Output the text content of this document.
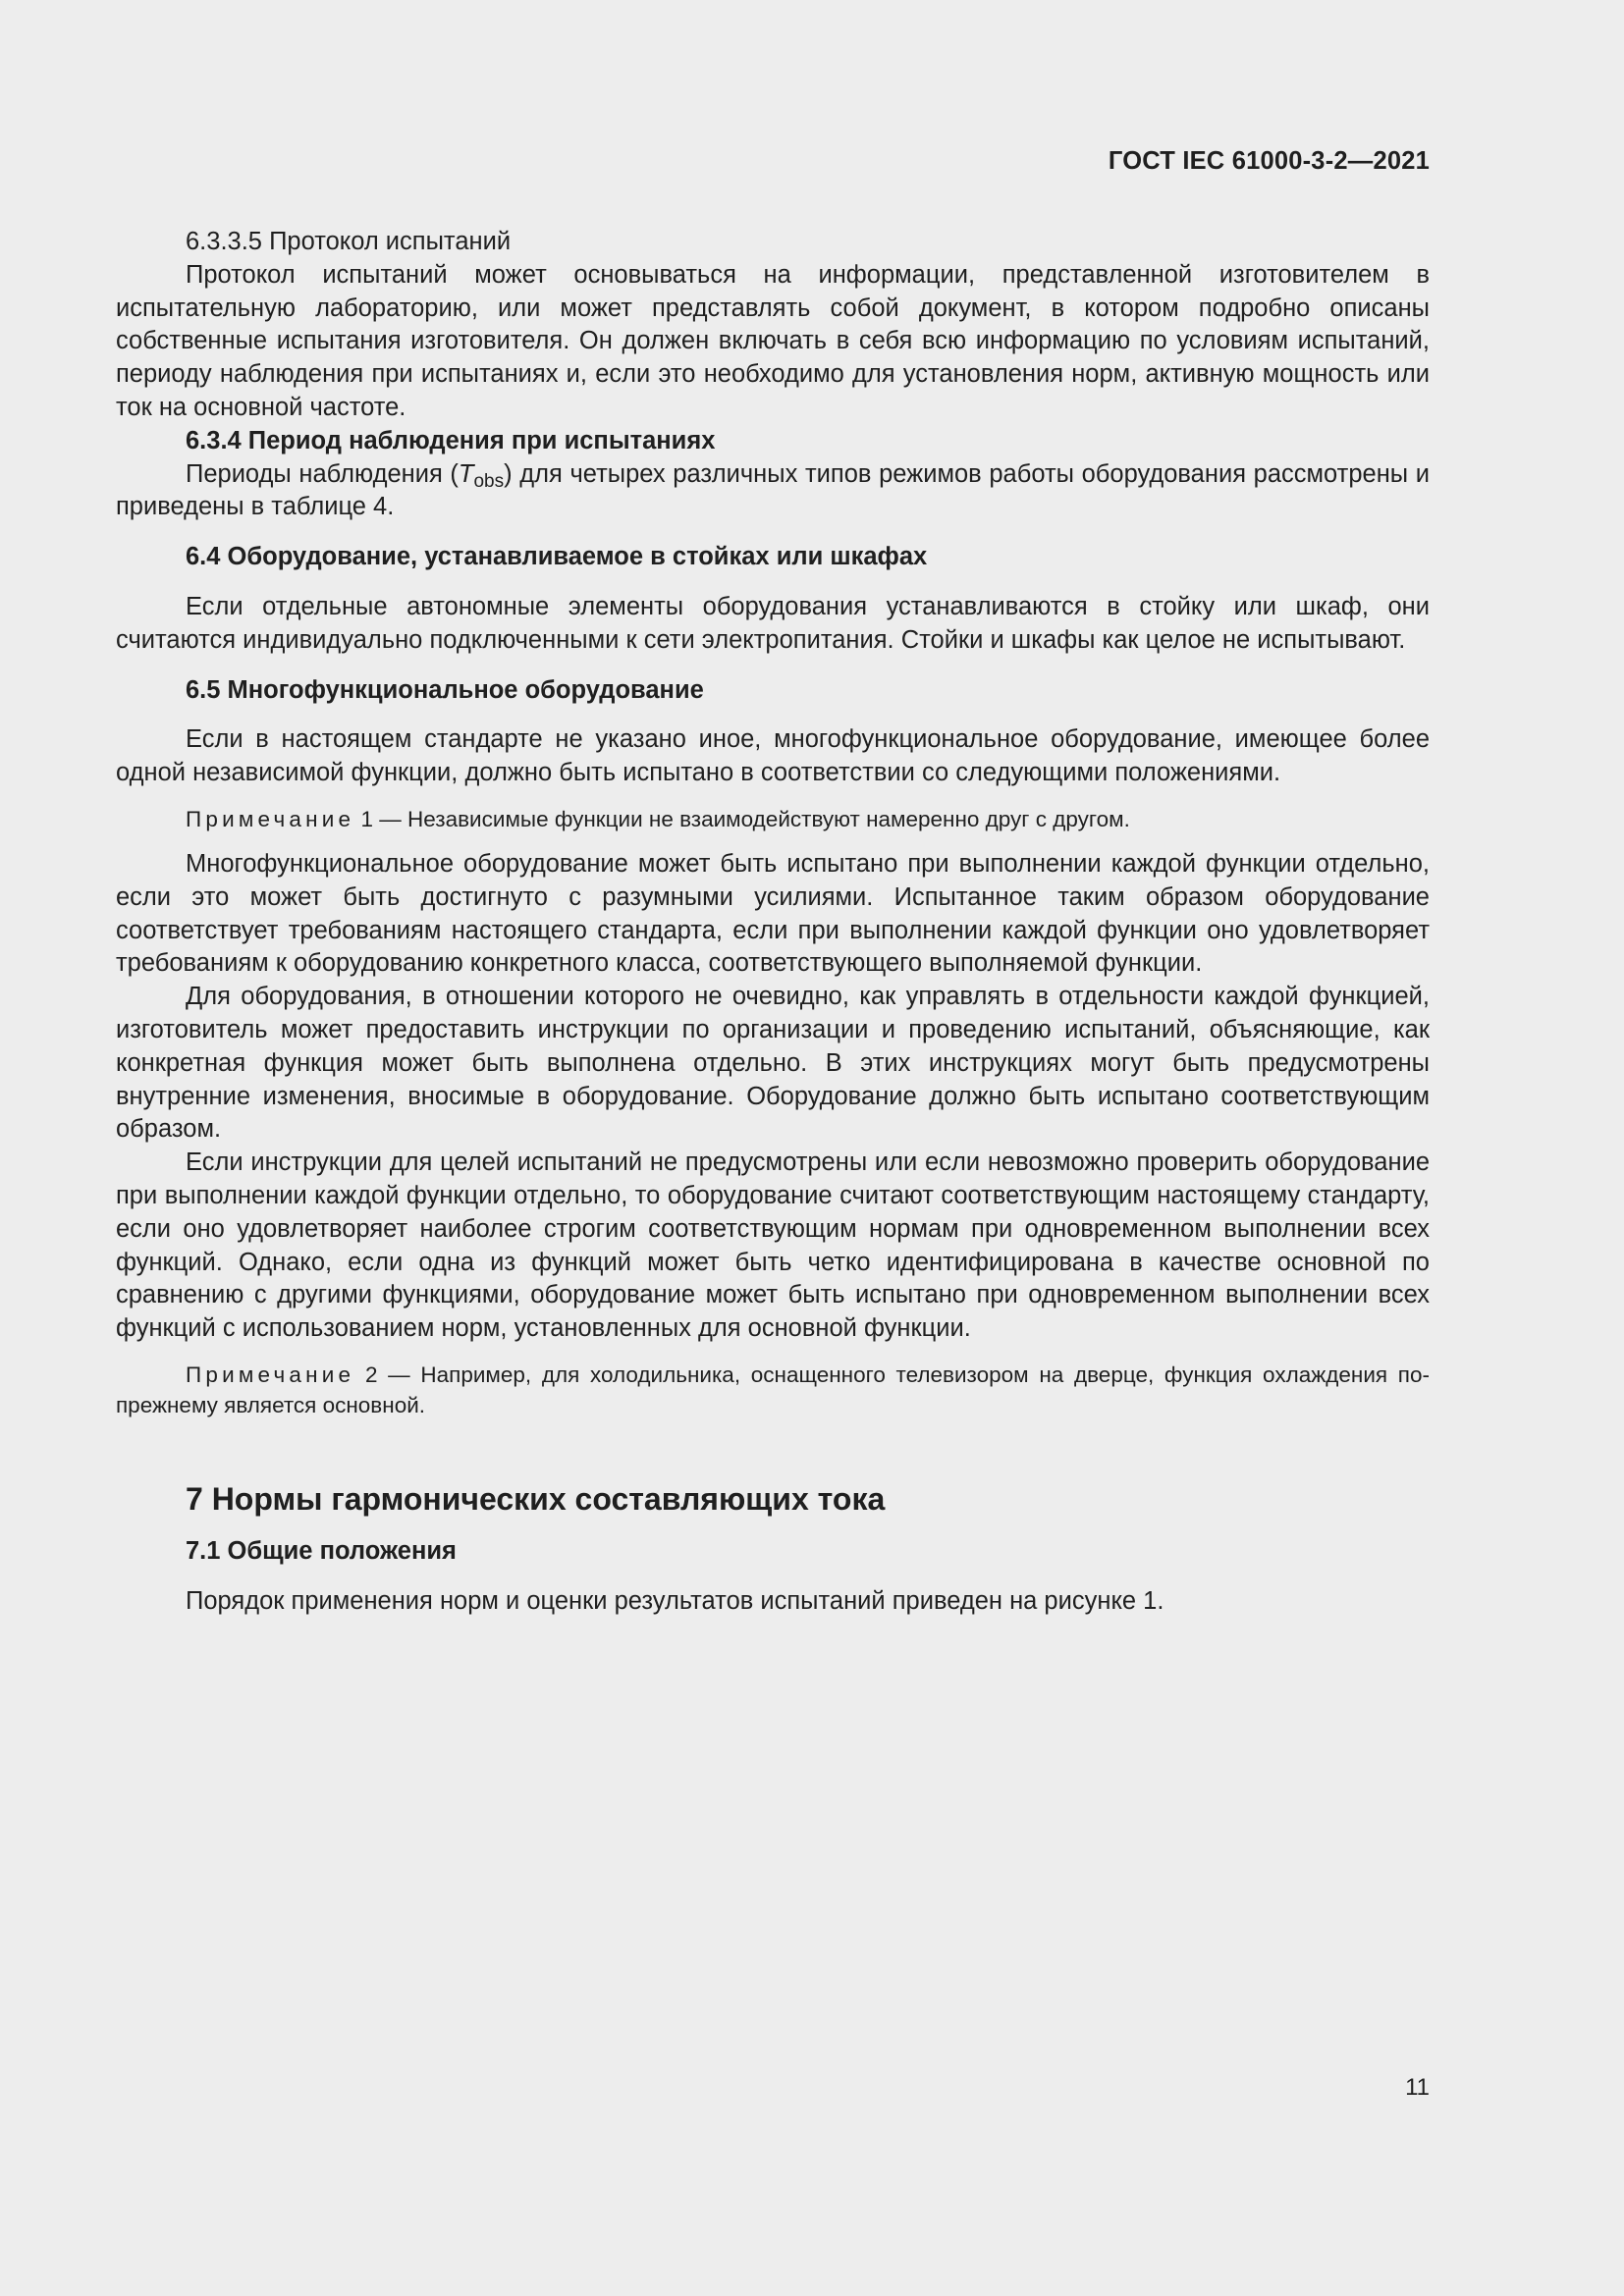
ГОСТ IEC 61000-3-2—2021
6.3.3.5 Протокол испытаний

Протокол испытаний может основываться на информации, представленной изготовителем в испытательную лабораторию, или может представлять собой документ, в котором подробно описаны собственные испытания изготовителя. Он должен включать в себя всю информацию по условиям испытаний, периоду наблюдения при испытаниях и, если это необходимо для установления норм, активную мощность или ток на основной частоте.

6.3.4 Период наблюдения при испытаниях

Периоды наблюдения $(T_{obs})$ для четырех различных типов режимов работы оборудования рассмотрены и приведены в таблице 4.

6.4 Оборудование, устанавливаемое в стойках или шкафах

Если отдельные автономные элементы оборудования устанавливаются в стойку или шкаф, они считаются индивидуально подключенными к сети электропитания. Стойки и шкафы как целое не испытывают.

6.5 Многофункциональное оборудование

Если в настоящем стандарте не указано иное, многофункциональное оборудование, имеющее более одной независимой функции, должно быть испытано в соответствии со следующими положениями.

Примечание 1 — Независимые функции не взаимодействуют намеренно друг с другом.

Многофункциональное оборудование может быть испытано при выполнении каждой функции отдельно, если это может быть достигнуто с разумными усилиями. Испытанное таким образом оборудование соответствует требованиям настоящего стандарта, если при выполнении каждой функции оно удовлетворяет требованиям к оборудованию конкретного класса, соответствующего выполняемой функции.

Для оборудования, в отношении которого не очевидно, как управлять в отдельности каждой функцией, изготовитель может предоставить инструкции по организации и проведению испытаний, объясняющие, как конкретная функция может быть выполнена отдельно. В этих инструкциях могут быть предусмотрены внутренние изменения, вносимые в оборудование. Оборудование должно быть испытано соответствующим образом.

Если инструкции для целей испытаний не предусмотрены или если невозможно проверить оборудование при выполнении каждой функции отдельно, то оборудование считают соответствующим настоящему стандарту, если оно удовлетворяет наиболее строгим соответствующим нормам при одновременном выполнении всех функций. Однако, если одна из функций может быть четко идентифицирована в качестве основной по сравнению с другими функциями, оборудование может быть испытано при одновременном выполнении всех функций с использованием норм, установленных для основной функции.

Примечание 2 — Например, для холодильника, оснащенного телевизором на дверце, функция охлаждения по-прежнему является основной.
7 Нормы гармонических составляющих тока
7.1 Общие положения

Порядок применения норм и оценки результатов испытаний приведен на рисунке 1.

11
